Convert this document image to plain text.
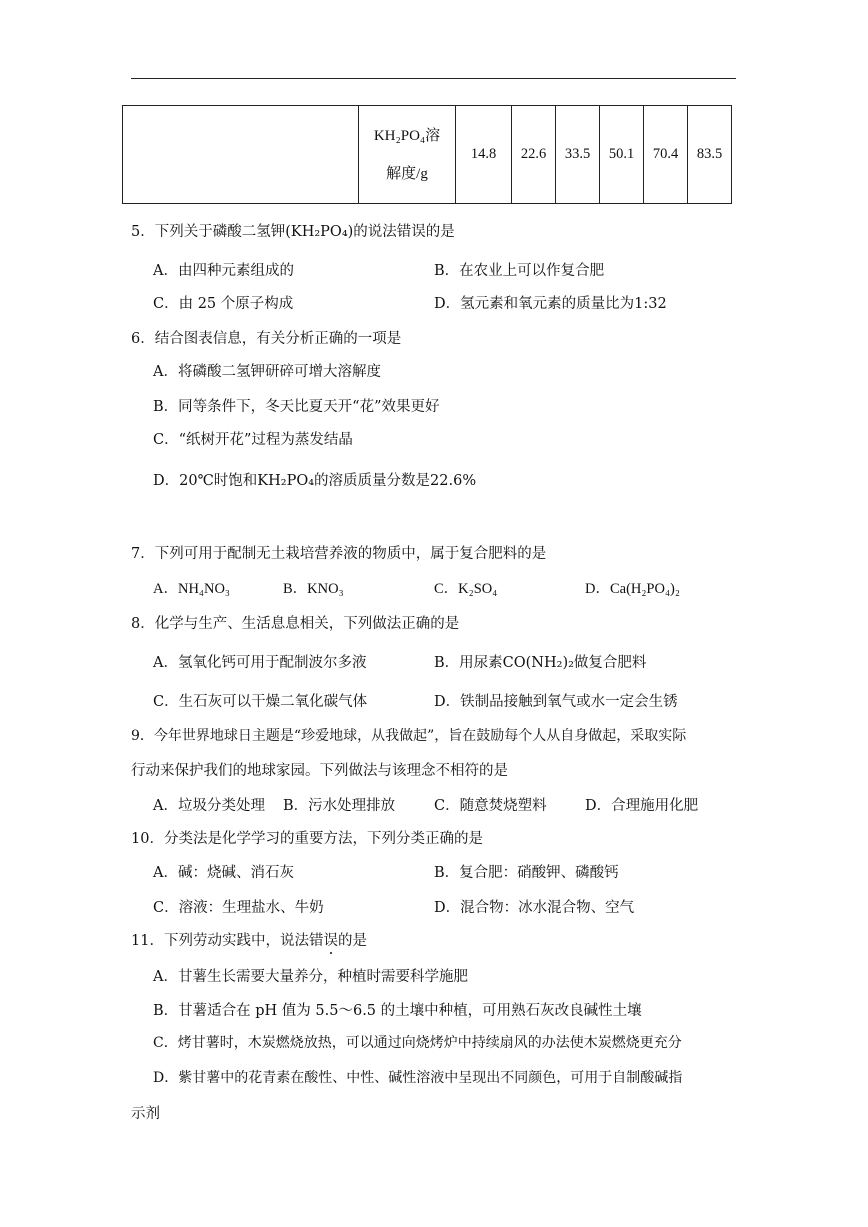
KH₂PO₄溶
解度/g
	14.8	22.6	33.5	50.1	70.4	83.5
5．下列关于磷酸二氢钾(KH₂PO₄)的说法错误的是
A．由四种元素组成的	B．在农业上可以作复合肥
C．由 25 个原子构成	D．氢元素和氧元素的质量比为1:32
6．结合图表信息，有关分析正确的一项是
A．将磷酸二氢钾研碎可增大溶解度
B．同等条件下，冬天比夏天开“花”效果更好
C．“纸树开花”过程为蒸发结晶
D．20℃时饱和KH₂PO₄的溶质质量分数是22.6%
7．下列可用于配制无土栽培营养液的物质中，属于复合肥料的是
A．NH₄NO₃	B．KNO₃	C．K₂SO₄	D．Ca(H₂PO₄)₂
8．化学与生产、生活息息相关，下列做法正确的是
A．氢氧化钙可用于配制波尔多液	B．用尿素CO(NH₂)₂做复合肥料
C．生石灰可以干燥二氧化碳气体	D．铁制品接触到氧气或水一定会生锈
9．今年世界地球日主题是“珍爱地球，从我做起”，旨在鼓励每个人从自身做起，采取实际
行动来保护我们的地球家园。下列做法与该理念不相符的是
A．垃圾分类处理 B．污水处理排放	C．随意焚烧塑料	D．合理施用化肥
10．分类法是化学学习的重要方法，下列分类正确的是
A．碱：烧碱、消石灰	B．复合肥：硝酸钾、磷酸钙
C．溶液：生理盐水、牛奶	D．混合物：冰水混合物、空气
11．下列劳动实践中，说法错误的是
A．甘薯生长需要大量养分，种植时需要科学施肥
B．甘薯适合在 pH 值为 5.5～6.5 的土壤中种植，可用熟石灰改良碱性土壤
C．烤甘薯时，木炭燃烧放热，可以通过向烧烤炉中持续扇风的办法使木炭燃烧更充分
D．紫甘薯中的花青素在酸性、中性、碱性溶液中呈现出不同颜色，可用于自制酸碱指
示剂
